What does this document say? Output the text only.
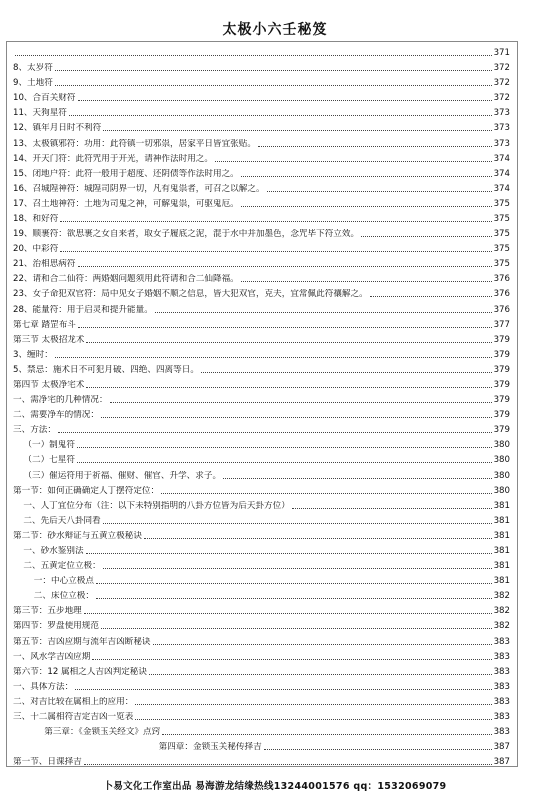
太极小六壬秘笈
371
8、太岁符	372
9、土地符	372
10、合百关财符	372
11、天狗星符	373
12、镇年月日时不利符	373
13、太极镇邪符：功用：此符镇一切邪祟，居家平日皆宜张贴。	373
14、开天门符：此符咒用于开光，请神作法时用之。	374
15、闭地户符：此符一般用于超度、还阴债等作法时用之。	374
16、召城隍神符：城隍司阴界一切，凡有鬼祟者，可召之以解之。	374
17、召土地神符：土地为司鬼之神，可解鬼祟，可驱鬼厄。	375
18、和好符	375
19、顺裹符：欲思裹之女自来者，取女子履底之泥，混于水中并加墨色，念咒毕下符立效。	375
20、中彩符	375
21、治相思病符	375
22、请和合二仙符：两婚姻问题须用此符请和合二仙降福。	376
23、女子命犯双官符：局中见女子婚姻不顺之信息，皆大犯双官，克夫，宜常佩此符禳解之。	376
28、能量符：用于启灵和提升能量。	376
第七章 踏罡布斗	377
第三节 太极招龙术	379
3、缠时：	379
5、禁忌：施术日不可犯月破、四绝、四离等日。	379
第四节 太极净宅术	379
一、需净宅的几种情况：	379
二、需要净车的情况：	379
三、方法：	379
（一）制鬼符	380
（二）七星符	380
（三）催运符用于祈福、催财、催官、升学、求子。	380
第一节：如何正确确定人丁摆符定位：	380
一、人丁宜位分布（注：以下未特别指明的八卦方位皆为后天卦方位）	381
二、先后天八卦同看	381
第二节：砂水辩证与五黄立极秘诀	381
一、砂水鉴别法	381
二、五黄定位立极：	381
一：中心立极点	381
二、床位立极：	382
第三节：五步地理	382
第四节：罗盘使用规范	382
第五节：吉凶应期与流年吉凶断秘诀	383
一、风水学吉凶应期	383
第六节：12 属相之人吉凶判定秘诀	383
一、具体方法：	383
二、对吉比较在属相上的应用：	383
三、十二属相符吉定吉凶一览表	383
第三章：《金锁玉关经文》点窍	383
第四章：金锁玉关秘传择吉	387
第一节、日课择吉	387
卜易文化工作室出品 易海游龙结缘热线13244001576 qq：1532069079
